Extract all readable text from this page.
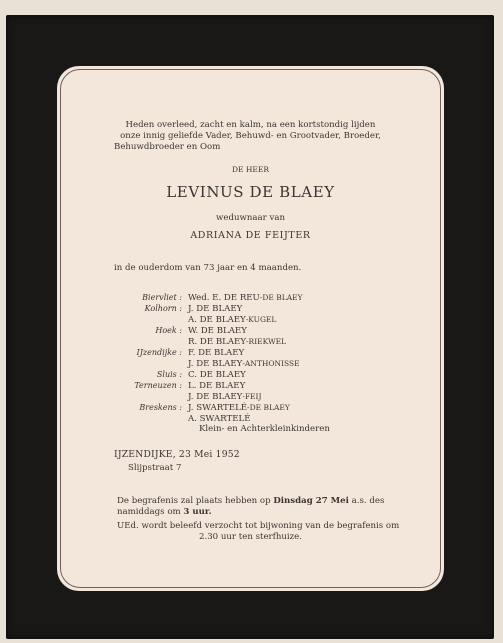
Heden overleed, zacht en kalm, na een kortstondig lijden
onze innig geliefde Vader, Behuwd- en Grootvader, Broeder,
Behuwdbroeder en Oom
DE HEER
LEVINUS DE BLAEY
weduwnaar van
ADRIANA DE FEIJTER
in de ouderdom van 73 jaar en 4 maanden.
Biervliet : Wed. E. DE REU-DE BLAEY
Kolhorn : J. DE BLAEY
A. DE BLAEY-KUGEL
Hoek : W. DE BLAEY
R. DE BLAEY-RIEKWEL
IJzendijke : F. DE BLAEY
J. DE BLAEY-ANTHONISSE
Sluis : C. DE BLAEY
Terneuzen : L. DE BLAEY
J. DE BLAEY-FEIJ
Breskens : J. SWARTELÉ-DE BLAEY
A. SWARTELÉ
Klein- en Achterkleinkinderen
IJZENDIJKE, 23 Mei 1952
Slijpstraat 7
De begrafenis zal plaats hebben op Dinsdag 27 Mei a.s. des
namiddags om 3 uur.
UEd. wordt beleefd verzocht tot bijwoning van de begrafenis om
2.30 uur ten sterfhuize.
